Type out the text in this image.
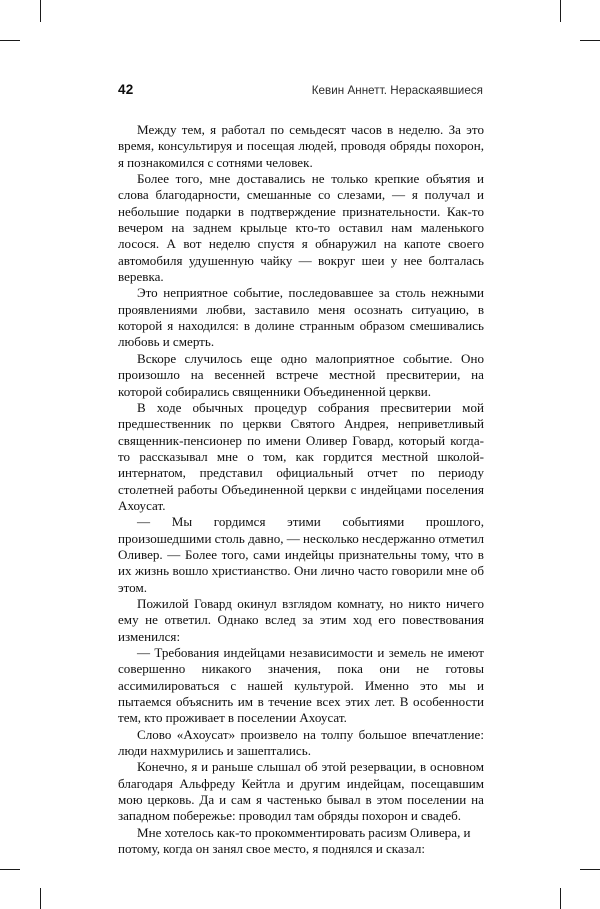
42	Кевин Аннетт. Нераскаявшиеся

Между тем, я работал по семьдесят часов в неделю. За это время, консультируя и посещая людей, проводя обряды похорон, я познакомился с сотнями человек.

Более того, мне доставались не только крепкие объятия и слова благодарности, смешанные со слезами, — я получал и небольшие подарки в подтверждение признательности. Как-то вечером на заднем крыльце кто-то оставил нам маленького лосося. А вот неделю спустя я обнаружил на капоте своего автомобиля удушенную чайку — вокруг шеи у нее болталась веревка.

Это неприятное событие, последовавшее за столь нежными проявлениями любви, заставило меня осознать ситуацию, в которой я находился: в долине странным образом смешивались любовь и смерть.

Вскоре случилось еще одно малоприятное событие. Оно произошло на весенней встрече местной пресвитерии, на которой собирались священники Объединенной церкви.

В ходе обычных процедур собрания пресвитерии мой предшественник по церкви Святого Андрея, неприветливый священник-пенсионер по имени Оливер Говард, который когда-то рассказывал мне о том, как гордится местной школой-интернатом, представил официальный отчет по периоду столетней работы Объединенной церкви с индейцами поселения Ахоусат.

— Мы гордимся этими событиями прошлого, произошедшими столь давно, — несколько несдержанно отметил Оливер. — Более того, сами индейцы признательны тому, что в их жизнь вошло христианство. Они лично часто говорили мне об этом.

Пожилой Говард окинул взглядом комнату, но никто ничего ему не ответил. Однако вслед за этим ход его повествования изменился:

— Требования индейцами независимости и земель не имеют совершенно никакого значения, пока они не готовы ассимилироваться с нашей культурой. Именно это мы и пытаемся объяснить им в течение всех этих лет. В особенности тем, кто проживает в поселении Ахоусат.

Слово «Ахоусат» произвело на толпу большое впечатление: люди нахмурились и зашептались.

Конечно, я и раньше слышал об этой резервации, в основном благодаря Альфреду Кейтла и другим индейцам, посещавшим мою церковь. Да и сам я частенько бывал в этом поселении на западном побережье: проводил там обряды похорон и свадеб.

Мне хотелось как-то прокомментировать расизм Оливера, и потому, когда он занял свое место, я поднялся и сказал:
